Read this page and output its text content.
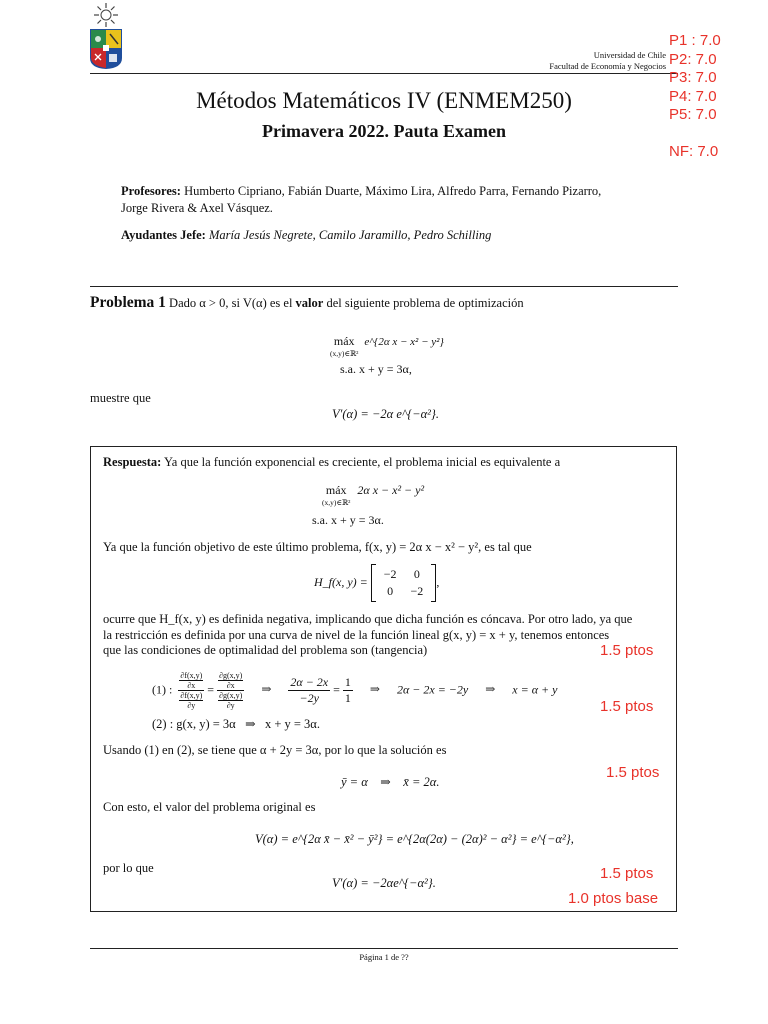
Universidad de Chile
Facultad de Economía y Negocios
P1 : 7.0
P2: 7.0
P3: 7.0
P4: 7.0
P5: 7.0
NF: 7.0
Métodos Matemáticos IV (ENMEM250)
Primavera 2022. Pauta Examen
Profesores: Humberto Cipriano, Fabián Duarte, Máximo Lira, Alfredo Parra, Fernando Pizarro,
Jorge Rivera & Axel Vásquez.
Ayudantes Jefe: María Jesús Negrete, Camilo Jaramillo, Pedro Schilling
Problema 1 Dado α > 0, si V(α) es el valor del siguiente problema de optimización
máx
$^{(x,y)\in ℝ^2}$ e^{2α x − x² − y²}
s.a. x + y = 3α,
muestre que
V′(α) = −2α e^{−α²}.
Respuesta: Ya que la función exponencial es creciente, el problema inicial es equivalente a
máx
$^{(x,y)\in ℝ^2}$ 2α x − x² − y²
s.a. x + y = 3α.
Ya que la función objetivo de este último problema, f(x, y) = 2α x − x² − y², es tal que
H_f(x, y) =
−2	0
0	−2
,
ocurre que H_f(x, y) es definida negativa, implicando que dicha función es cóncava. Por otro lado, ya que
la restricción es definida por una curva de nivel de la función lineal g(x, y) = x + y, tenemos entonces
que las condiciones de optimalidad del problema son (tangencia)
(1) : $\frac{\frac{\partial f(x,y)}{\partial x}}{\frac{\partial f(x,y)}{\partial y}} = \frac{\frac{\partial g(x,y)}{\partial x}}{\frac{\partial g(x,y)}{\partial y}}$ ⇒ $\frac{2\alpha - 2x}{-2y} = \frac{1}{1}$ ⇒ 2α − 2x = −2y ⇒ x = α + y
(2) : g(x, y) = 3α   ⇒   x + y = 3α.
Usando (1) en (2), se tiene que α + 2y = 3α, por lo que la solución es
ȳ = α    ⇒    x̄ = 2α.
Con esto, el valor del problema original es
V(α) = e^{2α x̄ − x̄² − ȳ²} = e^{2α(2α) − (2α)² − α²} = e^{−α²},
por lo que
V′(α) = −2αe^{−α²}.
1.5 ptos
1.5 ptos
1.5 ptos
1.5 ptos
1.0 ptos base
Página 1 de ??
